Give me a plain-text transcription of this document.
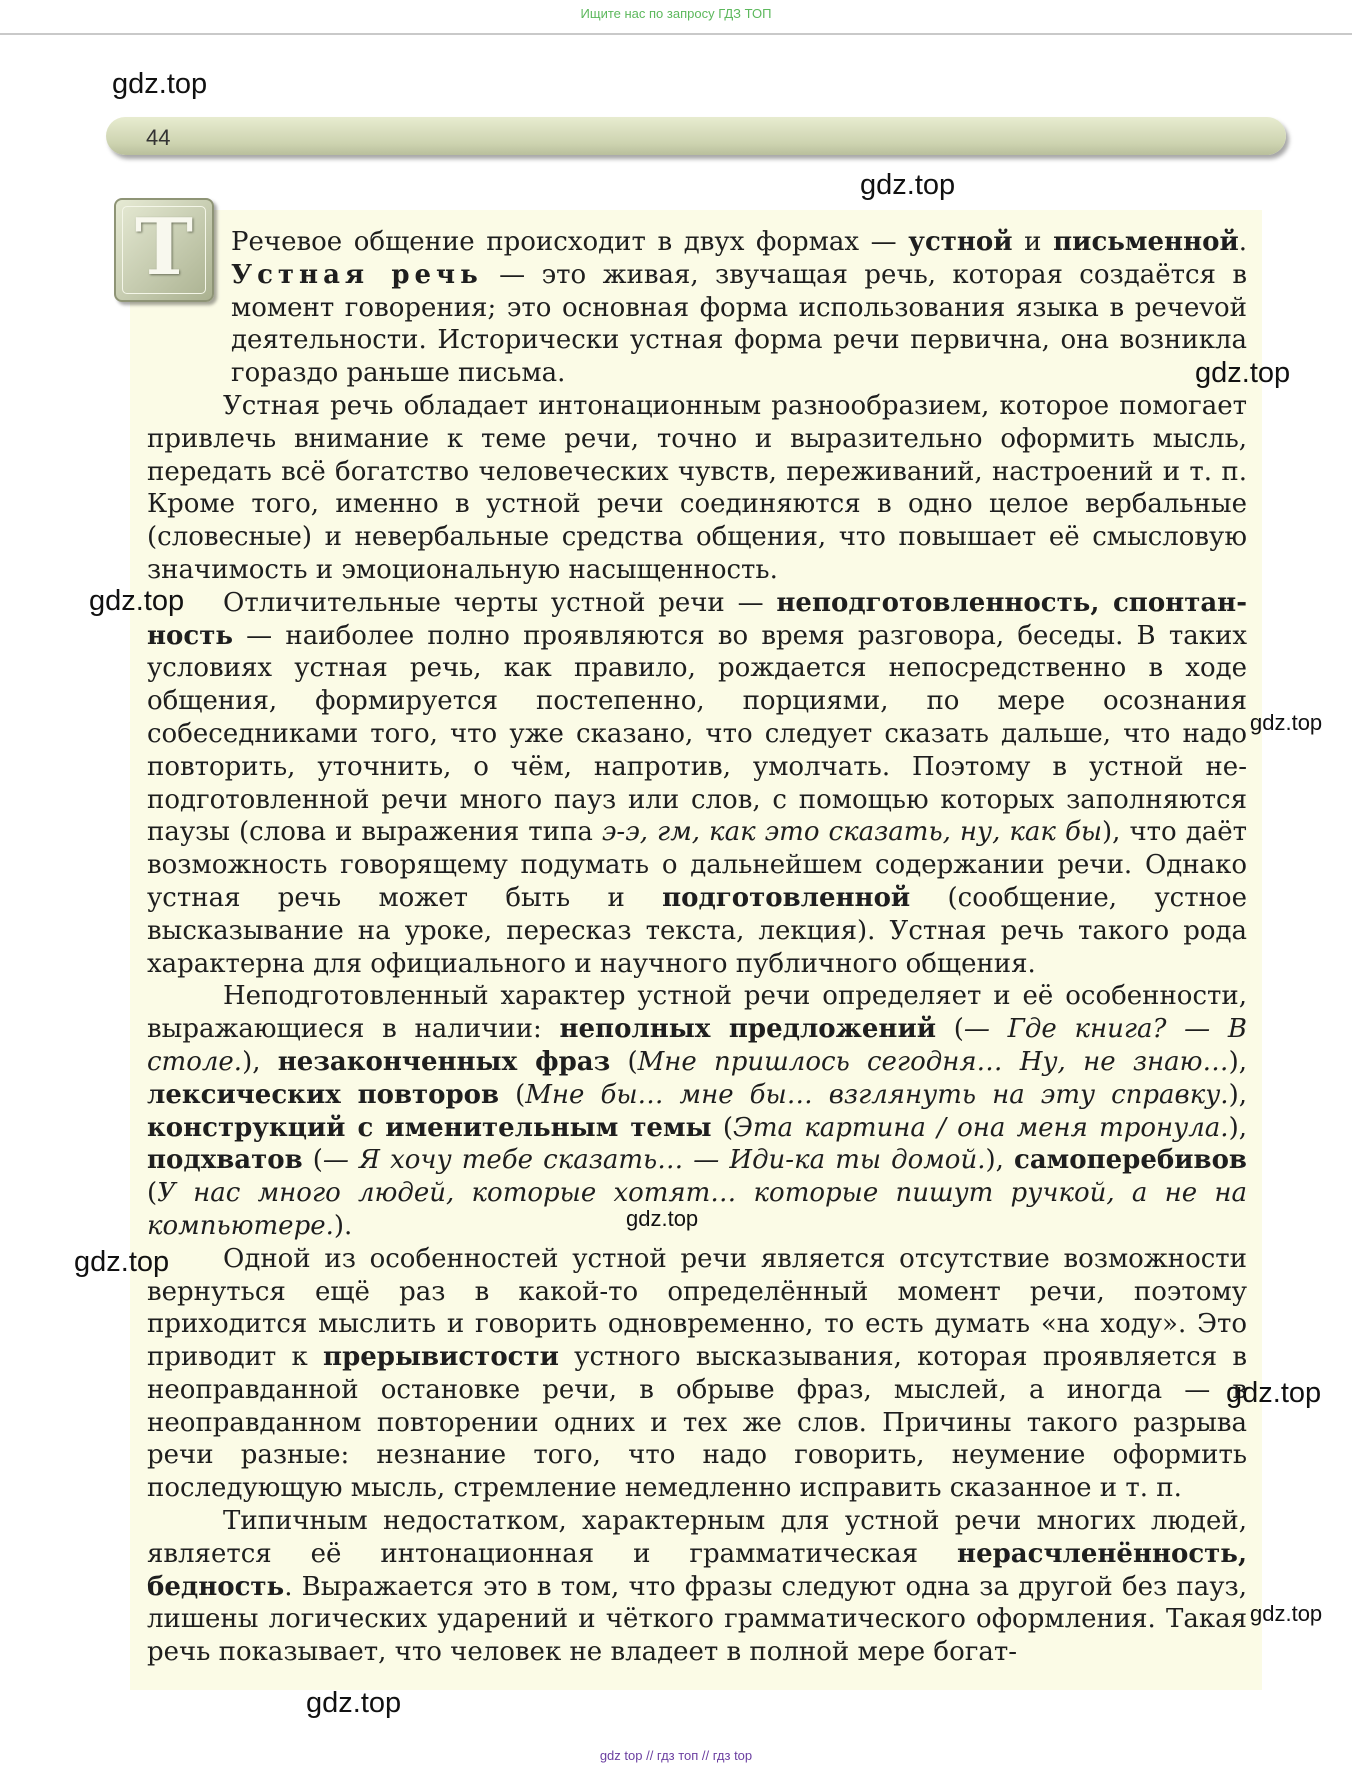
Ищите нас по запросу ГДЗ ТОП
gdz.top
44
Т	Речевое общение происходит в двух формах — устной и письменной. Устная речь — это живая, звучащая речь, которая создаётся в момент говорения; это основная форма использования языка в речеvой деятельности. Исторически устная форма речи первична, она возникла гораздо раньше письма.

Устная речь обладает интонационным разнообразием, которое помогает привлечь внимание к теме речи, точно и выразительно оформить мысль, передать всё богатство человеческих чувств, переживаний, настроений и т. п. Кроме того, именно в устной речи соединяются в одно целое вербальные (словесные) и невербальные средства общения, что повышает её смысловую значимость и эмоциональную насыщенность.

Отличительные черты устной речи — неподготовленность, спонтанность — наиболее полно проявляются во время разговора, беседы. В таких условиях устная речь, как правило, рождается непосредственно в ходе общения, формируется постепенно, порциями, по мере осознания собеседниками того, что уже сказано, что следует сказать дальше, что надо повторить, уточнить, о чём, напротив, умолчать. Поэтому в устной неподготовленной речи много пауз или слов, с помощью которых заполняются паузы (слова и выражения типа э-э, гм, как это сказать, ну, как бы), что даёт возможность говорящему подумать о дальнейшем содержании речи. Однако устная речь может быть и подготовленной (сообщение, устное высказывание на уроке, пересказ текста, лекция). Устная речь такого рода характерна для официального и научного публичного общения.

Неподготовленный характер устной речи определяет и её особенности, выражающиеся в наличии: неполных предложений (— Где книга? — В столе.), незаконченных фраз (Мне пришлось сегодня… Ну, не знаю…), лексических повторов (Мне бы… мне бы… взглянуть на эту справку.), конструкций с именительным темы (Эта картина / она меня тронула.), подхватов (— Я хочу тебе сказать… — Иди-ка ты домой.), самоперебивов (У нас много людей, которые хотят… которые пишут ручкой, а не на компьютере.).

Одной из особенностей устной речи является отсутствие возможности вернуться ещё раз в какой-то определённый момент речи, поэтому приходится мыслить и говорить одновременно, то есть думать «на ходу». Это приводит к прерывистости устного высказывания, которая проявляется в неоправданной остановке речи, в обрыве фраз, мыслей, а иногда — в неоправданном повторении одних и тех же слов. Причины такого разрыва речи разные: незнание того, что надо говорить, неумение оформить последующую мысль, стремление немедленно исправить сказанное и т. п.

Типичным недостатком, характерным для устной речи многих людей, является её интонационная и грамматическая нерасчленённость, бедность. Выражается это в том, что фразы следуют одна за другой без пауз, лишены логических ударений и чёткого грамматического оформления. Такая речь показывает, что человек не владеет в полной мере богат-

gdz.top
gdz.top
gdz.top
gdz.top
gdz.top
gdz.top
gdz.top
gdz.top
gdz.top
gdz top // гдз топ // гдз top
